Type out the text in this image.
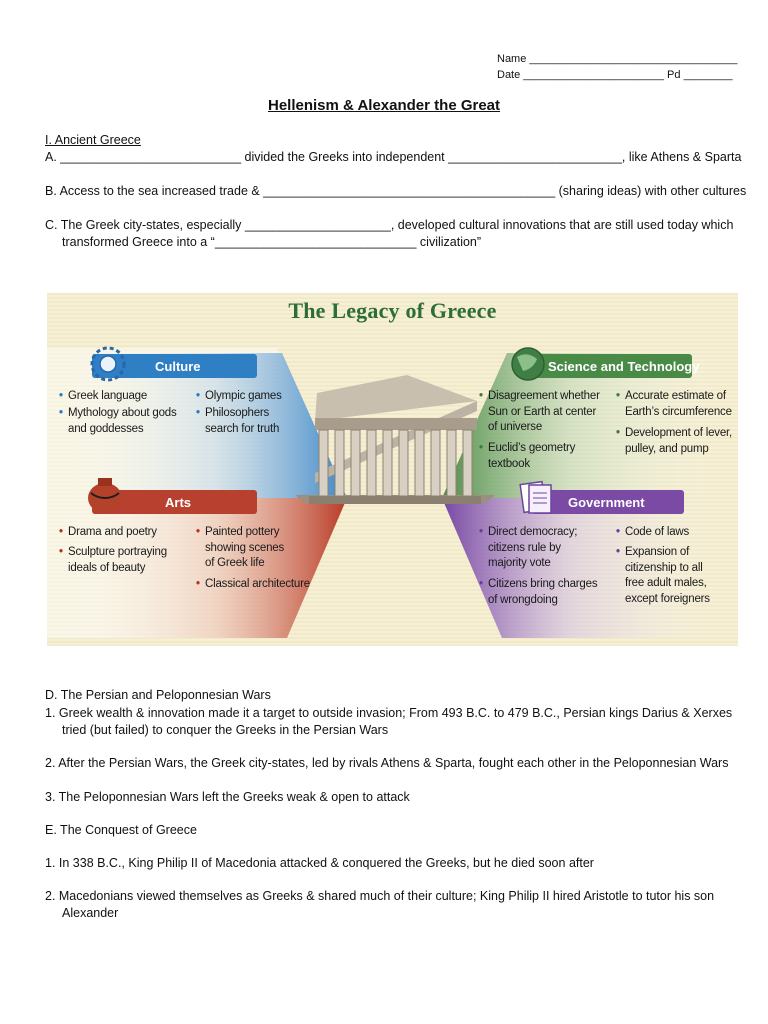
Name __________________________________
Date _______________________ Pd ________
Hellenism & Alexander the Great
I. Ancient Greece
A. __________________________ divided the Greeks into independent _________________________, like Athens & Sparta
B. Access to the sea increased trade & __________________________________________ (sharing ideas) with other cultures
C. The Greek city-states, especially _____________________, developed cultural innovations that are still used today which
transformed Greece into a “_____________________________ civilization”
The Legacy of Greece
Culture
Arts
Science and Technology
Government
• Greek language
• Mythology about gods
and goddesses
• Olympic games
• Philosophers
search for truth
• Drama and poetry
• Sculpture portraying
ideals of beauty
• Painted pottery
showing scenes
of Greek life
• Classical architecture
• Disagreement whether
Sun or Earth at center
of universe
• Euclid’s geometry
textbook
• Accurate estimate of
Earth’s circumference
• Development of lever,
pulley, and pump
• Direct democracy;
citizens rule by
majority vote
• Citizens bring charges
of wrongdoing
• Code of laws
• Expansion of
citizenship to all
free adult males,
except foreigners
D. The Persian and Peloponnesian Wars
1. Greek wealth & innovation made it a target to outside invasion; From 493 B.C. to 479 B.C., Persian kings Darius & Xerxes
tried (but failed) to conquer the Greeks in the Persian Wars
2. After the Persian Wars, the Greek city-states, led by rivals Athens & Sparta, fought each other in the Peloponnesian Wars
3. The Peloponnesian Wars left the Greeks weak & open to attack
E. The Conquest of Greece
1. In 338 B.C., King Philip II of Macedonia attacked & conquered the Greeks, but he died soon after
2. Macedonians viewed themselves as Greeks & shared much of their culture; King Philip II hired Aristotle to tutor his son
Alexander
